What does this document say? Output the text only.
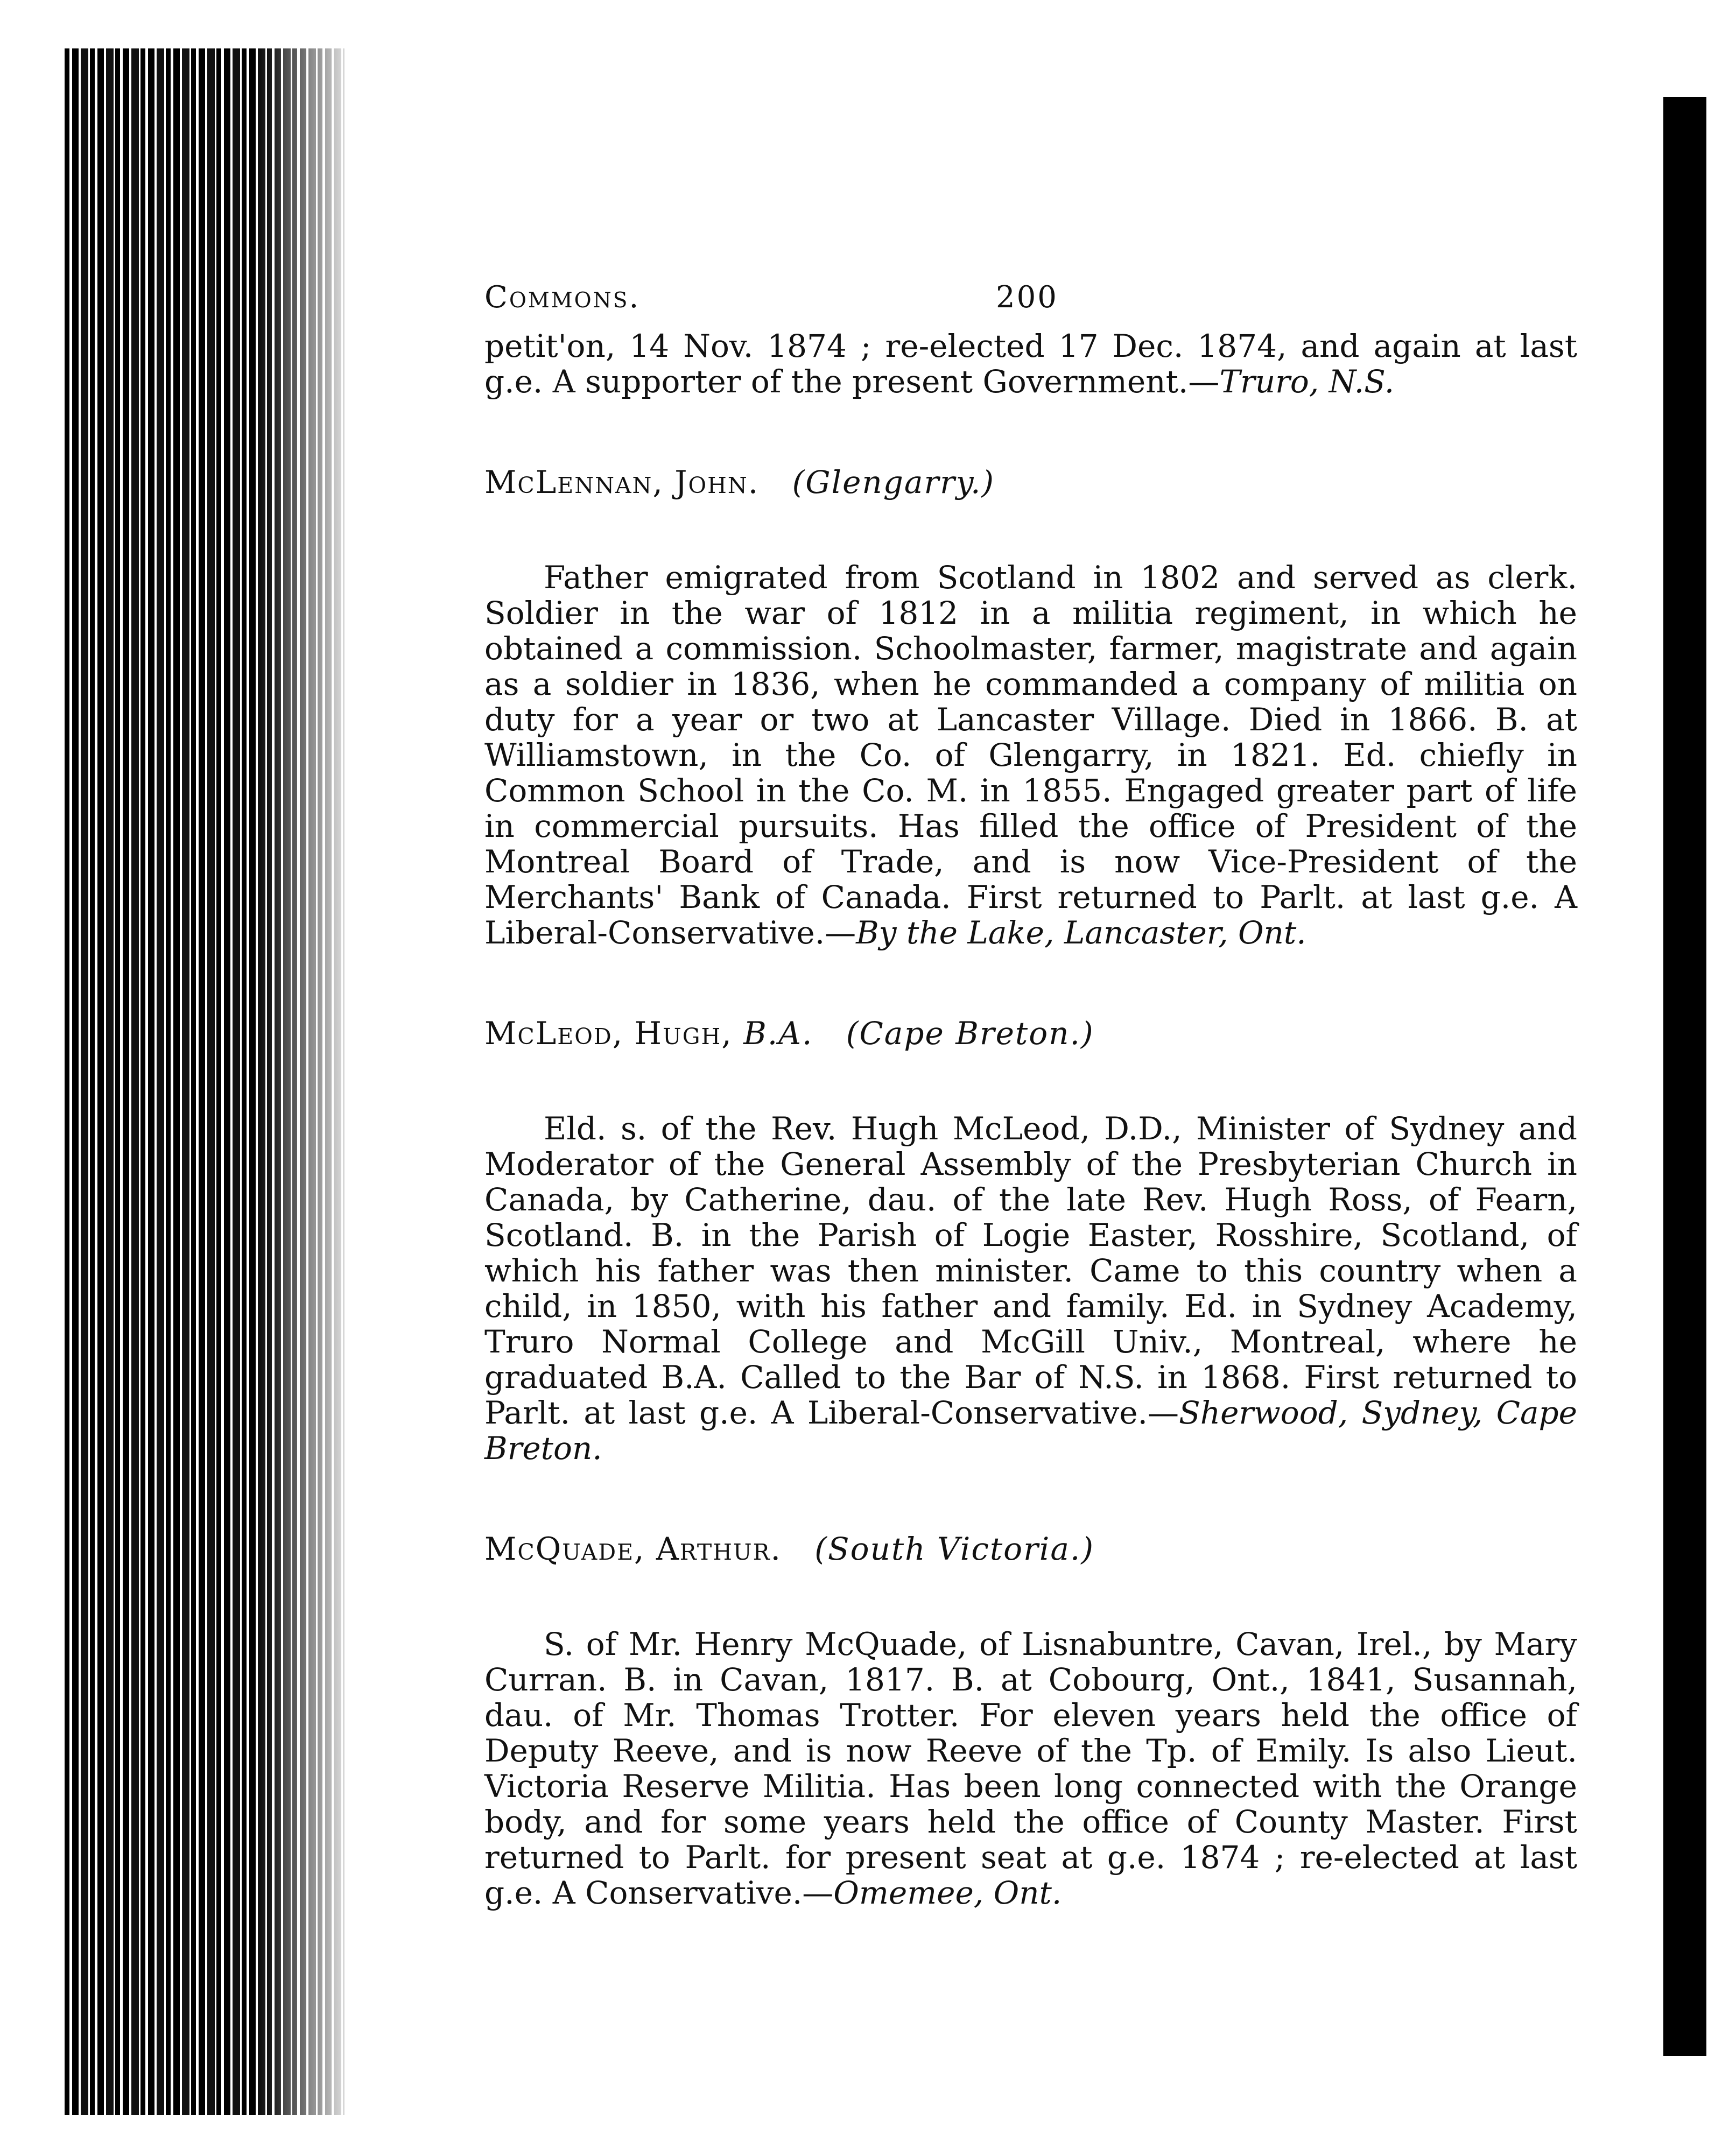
Commons.	200

petit'on, 14 Nov. 1874 ; re-elected 17 Dec. 1874, and again at last g.e. A supporter of the present Government.—Truro, N.S.

McLennan, John. (Glengarry.)

Father emigrated from Scotland in 1802 and served as clerk. Soldier in the war of 1812 in a militia regiment, in which he obtained a commission. Schoolmaster, farmer, magistrate and again as a soldier in 1836, when he commanded a company of militia on duty for a year or two at Lancaster Village. Died in 1866. B. at Williamstown, in the Co. of Glengarry, in 1821. Ed. chiefly in Common School in the Co. M. in 1855. Engaged greater part of life in commercial pursuits. Has filled the office of President of the Montreal Board of Trade, and is now Vice-President of the Merchants' Bank of Canada. First returned to Parlt. at last g.e. A Liberal-Conservative.—By the Lake, Lancaster, Ont.

McLeod, Hugh, B.A. (Cape Breton.)

Eld. s. of the Rev. Hugh McLeod, D.D., Minister of Sydney and Moderator of the General Assembly of the Presbyterian Church in Canada, by Catherine, dau. of the late Rev. Hugh Ross, of Fearn, Scotland. B. in the Parish of Logie Easter, Rosshire, Scotland, of which his father was then minister. Came to this country when a child, in 1850, with his father and family. Ed. in Sydney Academy, Truro Normal College and McGill Univ., Montreal, where he graduated B.A. Called to the Bar of N.S. in 1868. First returned to Parlt. at last g.e. A Liberal-Conservative.—Sherwood, Sydney, Cape Breton.

McQuade, Arthur. (South Victoria.)

S. of Mr. Henry McQuade, of Lisnabuntre, Cavan, Irel., by Mary Curran. B. in Cavan, 1817. B. at Cobourg, Ont., 1841, Susannah, dau. of Mr. Thomas Trotter. For eleven years held the office of Deputy Reeve, and is now Reeve of the Tp. of Emily. Is also Lieut. Victoria Reserve Militia. Has been long connected with the Orange body, and for some years held the office of County Master. First returned to Parlt. for present seat at g.e. 1874 ; re-elected at last g.e. A Conservative.—Omemee, Ont.
